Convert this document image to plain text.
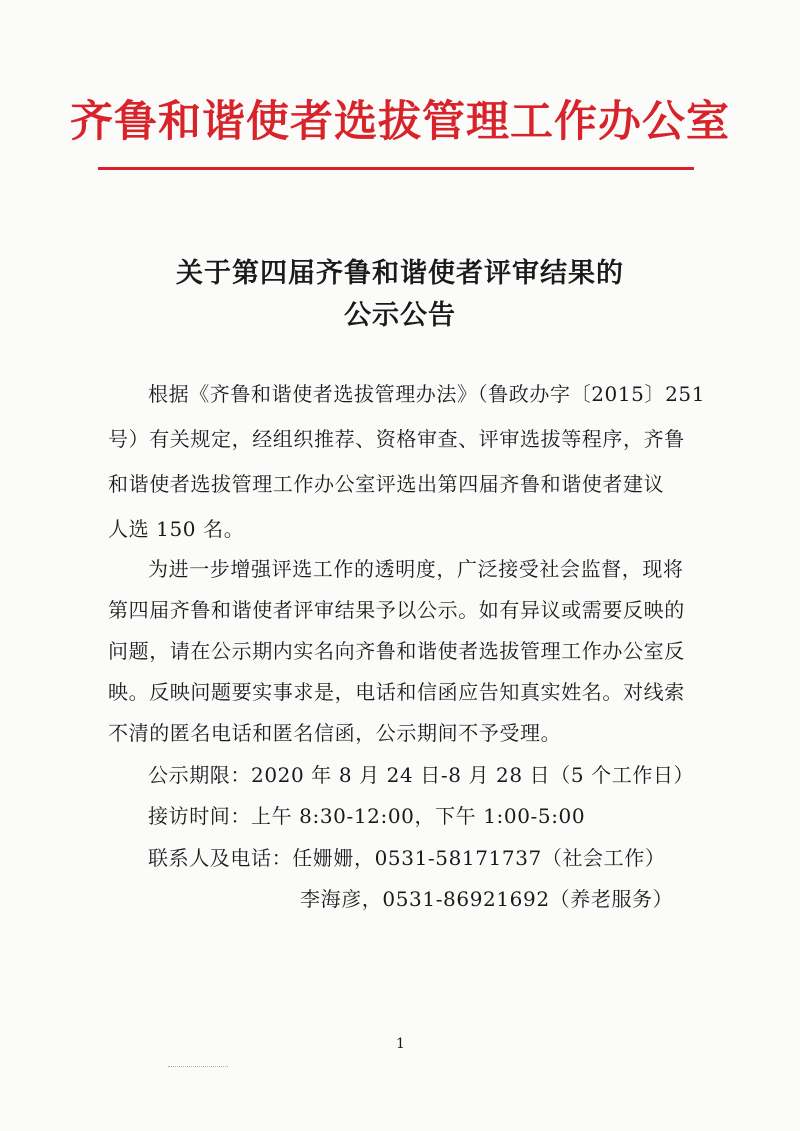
齐鲁和谐使者选拔管理工作办公室
关于第四届齐鲁和谐使者评审结果的
公示公告
根据《齐鲁和谐使者选拔管理办法》（鲁政办字〔2015〕251
号）有关规定，经组织推荐、资格审查、评审选拔等程序，齐鲁
和谐使者选拔管理工作办公室评选出第四届齐鲁和谐使者建议
人选 150 名。
为进一步增强评选工作的透明度，广泛接受社会监督，现将
第四届齐鲁和谐使者评审结果予以公示。如有异议或需要反映的
问题，请在公示期内实名向齐鲁和谐使者选拔管理工作办公室反
映。反映问题要实事求是，电话和信函应告知真实姓名。对线索
不清的匿名电话和匿名信函，公示期间不予受理。
公示期限：2020 年 8 月 24 日-8 月 28 日（5 个工作日）
接访时间：上午 8:30-12:00，下午 1:00-5:00
联系人及电话：任姗姗，0531-58171737（社会工作）
李海彦，0531-86921692（养老服务）
1
